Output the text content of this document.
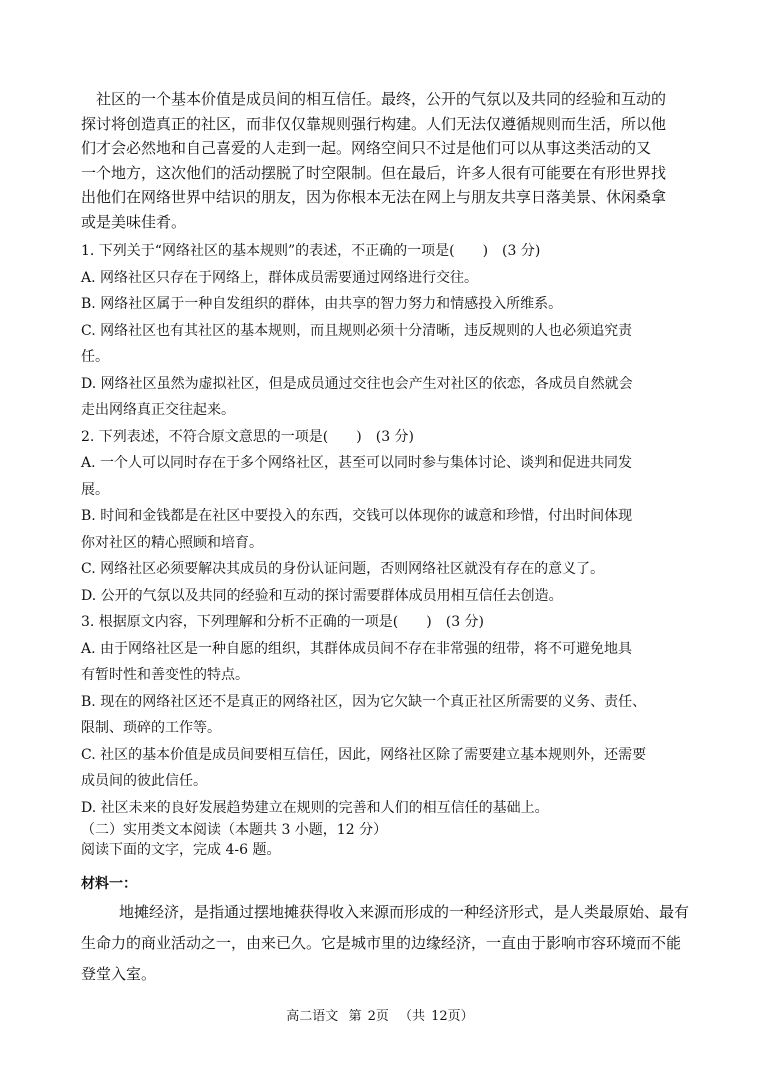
社区的一个基本价值是成员间的相互信任。最终，公开的气氛以及共同的经验和互动的
探讨将创造真正的社区，而非仅仅靠规则强行构建。人们无法仅遵循规则而生活，所以他
们才会必然地和自己喜爱的人走到一起。网络空间只不过是他们可以从事这类活动的又
一个地方，这次他们的活动摆脱了时空限制。但在最后，许多人很有可能要在有形世界找
出他们在网络世界中结识的朋友，因为你根本无法在网上与朋友共享日落美景、休闲桑拿
或是美味佳肴。
1. 下列关于“网络社区的基本规则”的表述，不正确的一项是(　　)　(3 分)
A. 网络社区只存在于网络上，群体成员需要通过网络进行交往。
B. 网络社区属于一种自发组织的群体，由共享的智力努力和情感投入所维系。
C. 网络社区也有其社区的基本规则，而且规则必须十分清晰，违反规则的人也必须追究责
任。
D. 网络社区虽然为虚拟社区，但是成员通过交往也会产生对社区的依恋，各成员自然就会
走出网络真正交往起来。
2. 下列表述，不符合原文意思的一项是(　　)　(3 分)
A. 一个人可以同时存在于多个网络社区，甚至可以同时参与集体讨论、谈判和促进共同发
展。
B. 时间和金钱都是在社区中要投入的东西，交钱可以体现你的诚意和珍惜，付出时间体现
你对社区的精心照顾和培育。
C. 网络社区必须要解决其成员的身份认证问题，否则网络社区就没有存在的意义了。
D. 公开的气氛以及共同的经验和互动的探讨需要群体成员用相互信任去创造。
3. 根据原文内容，下列理解和分析不正确的一项是(　　)　(3 分)
A. 由于网络社区是一种自愿的组织，其群体成员间不存在非常强的纽带，将不可避免地具
有暂时性和善变性的特点。
B. 现在的网络社区还不是真正的网络社区，因为它欠缺一个真正社区所需要的义务、责任、
限制、琐碎的工作等。
C. 社区的基本价值是成员间要相互信任，因此，网络社区除了需要建立基本规则外，还需要
成员间的彼此信任。
D. 社区未来的良好发展趋势建立在规则的完善和人们的相互信任的基础上。
（二）实用类文本阅读（本题共 3 小题，12 分）
阅读下面的文字，完成 4-6 题。
材料一：
地摊经济，是指通过摆地摊获得收入来源而形成的一种经济形式，是人类最原始、最有
生命力的商业活动之一，由来已久。它是城市里的边缘经济，一直由于影响市容环境而不能
登堂入室。
高二语文 第 2页 （共 12页）
